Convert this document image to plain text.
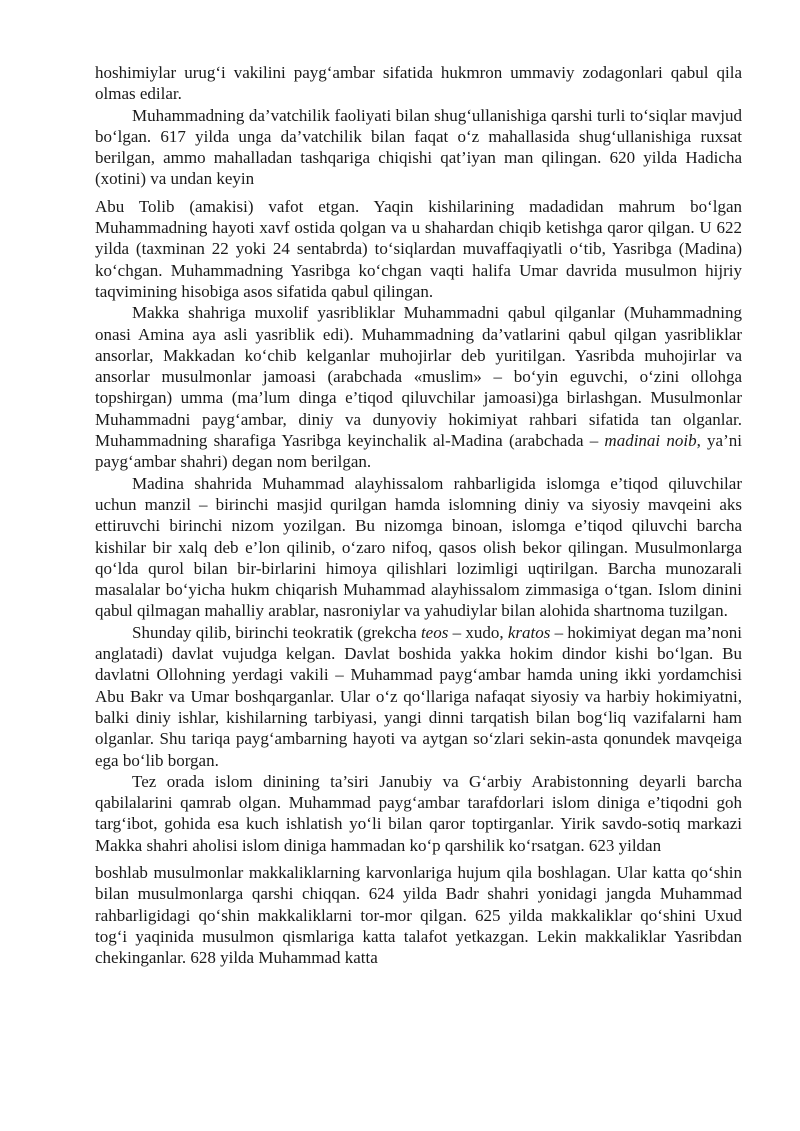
hoshimiylar urug‘i vakilini payg‘ambar sifatida hukmron ummaviy zodagonlari qabul qila olmas edilar.

Muhammadning da’vatchilik faoliyati bilan shug‘ullanishiga qarshi turli to‘siqlar mavjud bo‘lgan. 617 yilda unga da’vatchilik bilan faqat o‘z mahallasida shug‘ullanishiga ruxsat berilgan, ammo mahalladan tashqariga chiqishi qat’iyan man qilingan. 620 yilda Hadicha (xotini) va undan keyin

Abu Tolib (amakisi) vafot etgan. Yaqin kishilarining madadidan mahrum bo‘lgan Muhammadning hayoti xavf ostida qolgan va u shahardan chiqib ketishga qaror qilgan. U 622 yilda (taxminan 22 yoki 24 sentabrda) to‘siqlardan muvaffaqiyatli o‘tib, Yasribga (Madina) ko‘chgan. Muhammadning Yasribga ko‘chgan vaqti halifa Umar davrida musulmon hijriy taqvimining hisobiga asos sifatida qabul qilingan.

Makka shahriga muxolif yasribliklar Muhammadni qabul qilganlar (Muhammadning onasi Amina aya asli yasriblik edi). Muhammadning da’vatlarini qabul qilgan yasribliklar ansorlar, Makkadan ko‘chib kelganlar muhojirlar deb yuritilgan. Yasribda muhojirlar va ansorlar musulmonlar jamoasi (arabchada «muslim» – bo‘yin eguvchi, o‘zini ollohga topshirgan) umma (ma’lum dinga e’tiqod qiluvchilar jamoasi)ga birlashgan. Musulmonlar Muhammadni payg‘ambar, diniy va dunyoviy hokimiyat rahbari sifatida tan olganlar. Muhammadning sharafiga Yasribga keyinchalik al-Madina (arabchada – madinai noib, ya’ni payg‘ambar shahri) degan nom berilgan.

Madina shahrida Muhammad alayhissalom rahbarligida islomga e’tiqod qiluvchilar uchun manzil – birinchi masjid qurilgan hamda islomning diniy va siyosiy mavqeini aks ettiruvchi birinchi nizom yozilgan. Bu nizomga binoan, islomga e’tiqod qiluvchi barcha kishilar bir xalq deb e’lon qilinib, o‘zaro nifoq, qasos olish bekor qilingan. Musulmonlarga qo‘lda qurol bilan bir-birlarini himoya qilishlari lozimligi uqtirilgan. Barcha munozarali masalalar bo‘yicha hukm chiqarish Muhammad alayhissalom zimmasiga o‘tgan. Islom dinini qabul qilmagan mahalliy arablar, nasroniylar va yahudiylar bilan alohida shartnoma tuzilgan.

Shunday qilib, birinchi teokratik (grekcha teos – xudo, kratos – hokimiyat degan ma’noni anglatadi) davlat vujudga kelgan. Davlat boshida yakka hokim dindor kishi bo‘lgan. Bu davlatni Ollohning yerdagi vakili – Muhammad payg‘ambar hamda uning ikki yordamchisi Abu Bakr va Umar boshqarganlar. Ular o‘z qo‘llariga nafaqat siyosiy va harbiy hokimiyatni, balki diniy ishlar, kishilarning tarbiyasi, yangi dinni tarqatish bilan bog‘liq vazifalarni ham olganlar. Shu tariqa payg‘ambarning hayoti va aytgan so‘zlari sekin-asta qonundek mavqeiga ega bo‘lib borgan.

Tez orada islom dinining ta’siri Janubiy va G‘arbiy Arabistonning deyarli barcha qabilalarini qamrab olgan. Muhammad payg‘ambar tarafdorlari islom diniga e’tiqodni goh targ‘ibot, gohida esa kuch ishlatish yo‘li bilan qaror toptirganlar. Yirik savdo-sotiq markazi Makka shahri aholisi islom diniga hammadan ko‘p qarshilik ko‘rsatgan. 623 yildan

boshlab musulmonlar makkaliklarning karvonlariga hujum qila boshlagan. Ular katta qo‘shin bilan musulmonlarga qarshi chiqqan. 624 yilda Badr shahri yonidagi jangda Muhammad rahbarligidagi qo‘shin makkaliklarni tor-mor qilgan. 625 yilda makkaliklar qo‘shini Uxud tog‘i yaqinida musulmon qismlariga katta talafot yetkazgan. Lekin makkaliklar Yasribdan chekinganlar. 628 yilda Muhammad katta
